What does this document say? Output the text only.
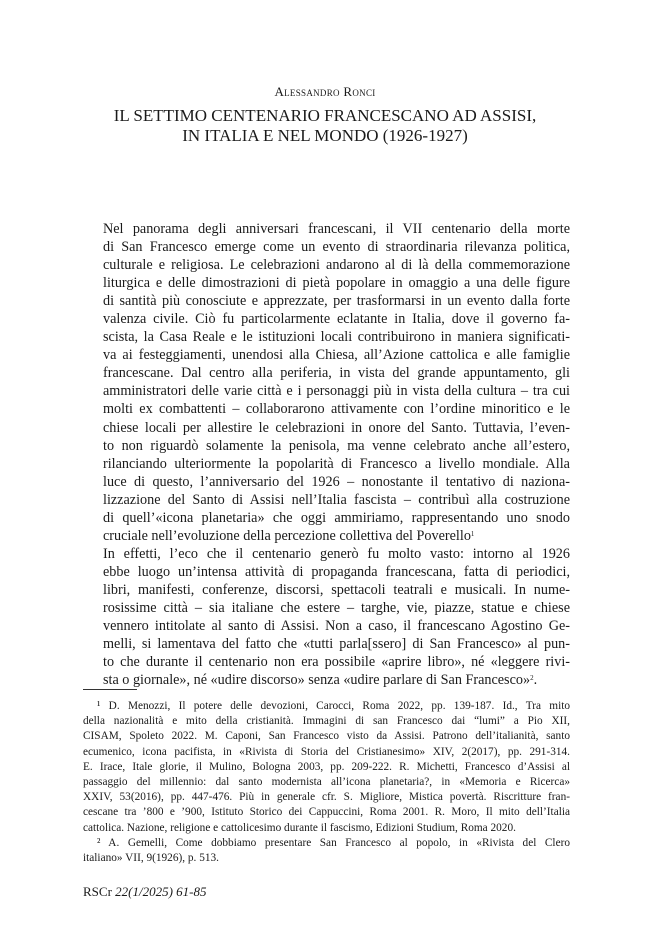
Alessandro Ronci
IL SETTIMO CENTENARIO FRANCESCANO AD ASSISI,
IN ITALIA E NEL MONDO (1926-1927)

Nel panorama degli anniversari francescani, il VII centenario della morte
di San Francesco emerge come un evento di straordinaria rilevanza politica,
culturale e religiosa. Le celebrazioni andarono al di là della commemorazione
liturgica e delle dimostrazioni di pietà popolare in omaggio a una delle figure
di santità più conosciute e apprezzate, per trasformarsi in un evento dalla forte
valenza civile. Ciò fu particolarmente eclatante in Italia, dove il governo fa-
scista, la Casa Reale e le istituzioni locali contribuirono in maniera significati-
va ai festeggiamenti, unendosi alla Chiesa, all’Azione cattolica e alle famiglie
francescane. Dal centro alla periferia, in vista del grande appuntamento, gli
amministratori delle varie città e i personaggi più in vista della cultura – tra cui
molti ex combattenti – collaborarono attivamente con l’ordine minoritico e le
chiese locali per allestire le celebrazioni in onore del Santo. Tuttavia, l’even-
to non riguardò solamente la penisola, ma venne celebrato anche all’estero,
rilanciando ulteriormente la popolarità di Francesco a livello mondiale. Alla
luce di questo, l’anniversario del 1926 – nonostante il tentativo di naziona-
lizzazione del Santo di Assisi nell’Italia fascista – contribuì alla costruzione
di quell’«icona planetaria» che oggi ammiriamo, rappresentando uno snodo
cruciale nell’evoluzione della percezione collettiva del Poverello$^1$

In effetti, l’eco che il centenario generò fu molto vasto: intorno al 1926
ebbe luogo un’intensa attività di propaganda francescana, fatta di periodici,
libri, manifesti, conferenze, discorsi, spettacoli teatrali e musicali. In nume-
rosissime città – sia italiane che estere – targhe, vie, piazze, statue e chiese
vennero intitolate al santo di Assisi. Non a caso, il francescano Agostino Ge-
melli, si lamentava del fatto che «tutti parla[ssero] di San Francesco» al pun-
to che durante il centenario non era possibile «aprire libro», né «leggere rivi-
sta o giornale», né «udire discorso» senza «udire parlare di San Francesco»$^2$.

¹ D. Menozzi, Il potere delle devozioni, Carocci, Roma 2022, pp. 139-187. Id., Tra mito
della nazionalità e mito della cristianità. Immagini di san Francesco dai “lumi” a Pio XII,
CISAM, Spoleto 2022. M. Caponi, San Francesco visto da Assisi. Patrono dell’italianità, santo
ecumenico, icona pacifista, in «Rivista di Storia del Cristianesimo» XIV, 2(2017), pp. 291-314.
E. Irace, Itale glorie, il Mulino, Bologna 2003, pp. 209-222. R. Michetti, Francesco d’Assisi al
passaggio del millennio: dal santo modernista all’icona planetaria?, in «Memoria e Ricerca»
XXIV, 53(2016), pp. 447-476. Più in generale cfr. S. Migliore, Mistica povertà. Riscritture fran-
cescane tra ’800 e ’900, Istituto Storico dei Cappuccini, Roma 2001. R. Moro, Il mito dell’Italia
cattolica. Nazione, religione e cattolicesimo durante il fascismo, Edizioni Studium, Roma 2020.
² A. Gemelli, Come dobbiamo presentare San Francesco al popolo, in «Rivista del Clero
italiano» VII, 9(1926), p. 513.
RSCr 22(1/2025) 61-85
